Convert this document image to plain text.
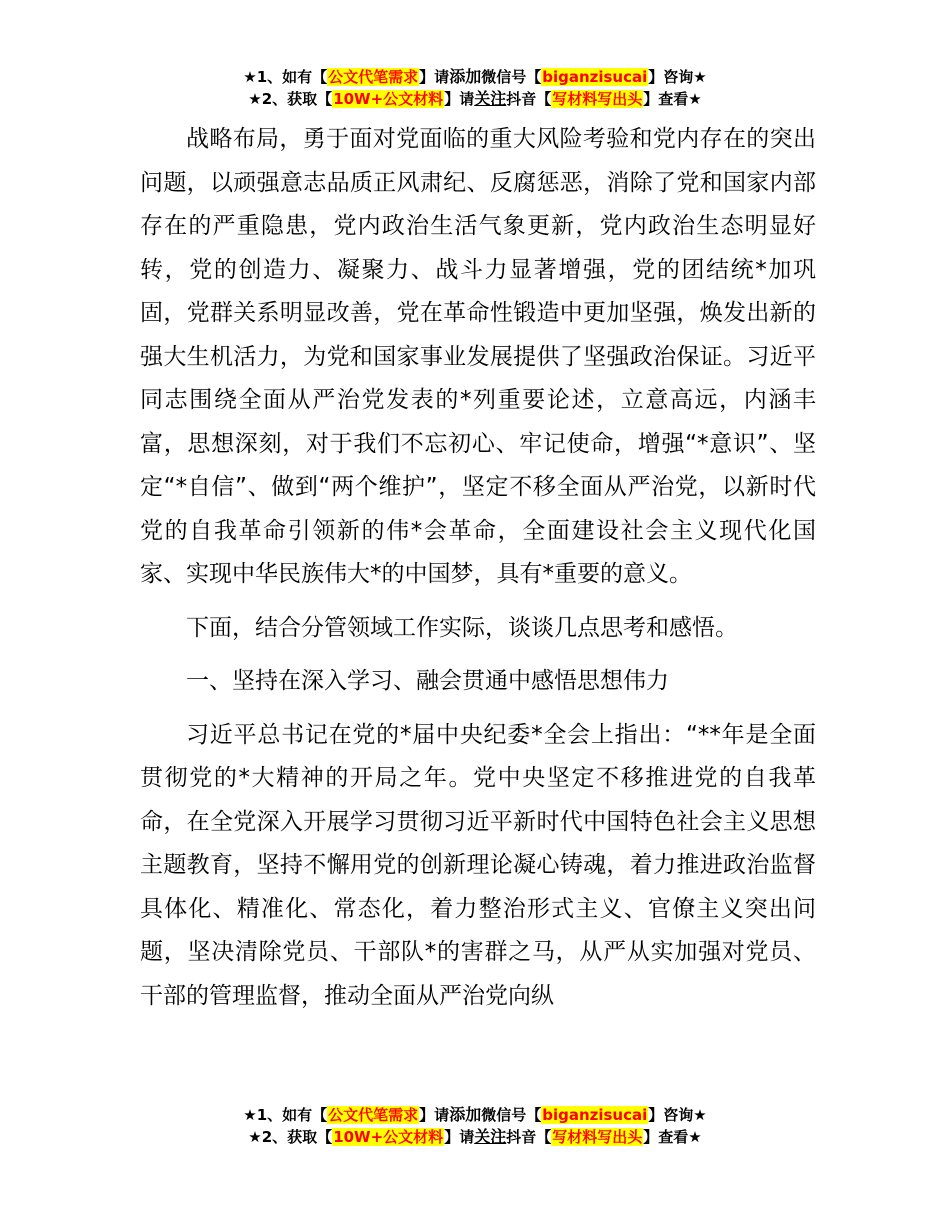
★1、如有【公文代笔需求】请添加微信号【biganzisucai】咨询★
★2、获取【10W+公文材料】请关注抖音【写材料写出头】查看★

战略布局，勇于面对党面临的重大风险考验和党内存在的突出问题，以顽强意志品质正风肃纪、反腐惩恶，消除了党和国家内部存在的严重隐患，党内政治生活气象更新，党内政治生态明显好转，党的创造力、凝聚力、战斗力显著增强，党的团结统*加巩固，党群关系明显改善，党在革命性锻造中更加坚强，焕发出新的强大生机活力，为党和国家事业发展提供了坚强政治保证。习近平同志围绕全面从严治党发表的*列重要论述，立意高远，内涵丰富，思想深刻，对于我们不忘初心、牢记使命，增强“*意识”、坚定“*自信”、做到“两个维护”，坚定不移全面从严治党，以新时代党的自我革命引领新的伟*会革命，全面建设社会主义现代化国家、实现中华民族伟大*的中国梦，具有*重要的意义。

下面，结合分管领域工作实际，谈谈几点思考和感悟。

一、坚持在深入学习、融会贯通中感悟思想伟力

习近平总书记在党的*届中央纪委*全会上指出：“**年是全面贯彻党的*大精神的开局之年。党中央坚定不移推进党的自我革命，在全党深入开展学习贯彻习近平新时代中国特色社会主义思想主题教育，坚持不懈用党的创新理论凝心铸魂，着力推进政治监督具体化、精准化、常态化，着力整治形式主义、官僚主义突出问题，坚决清除党员、干部队*的害群之马，从严从实加强对党员、干部的管理监督，推动全面从严治党向纵

★1、如有【公文代笔需求】请添加微信号【biganzisucai】咨询★
★2、获取【10W+公文材料】请关注抖音【写材料写出头】查看★
